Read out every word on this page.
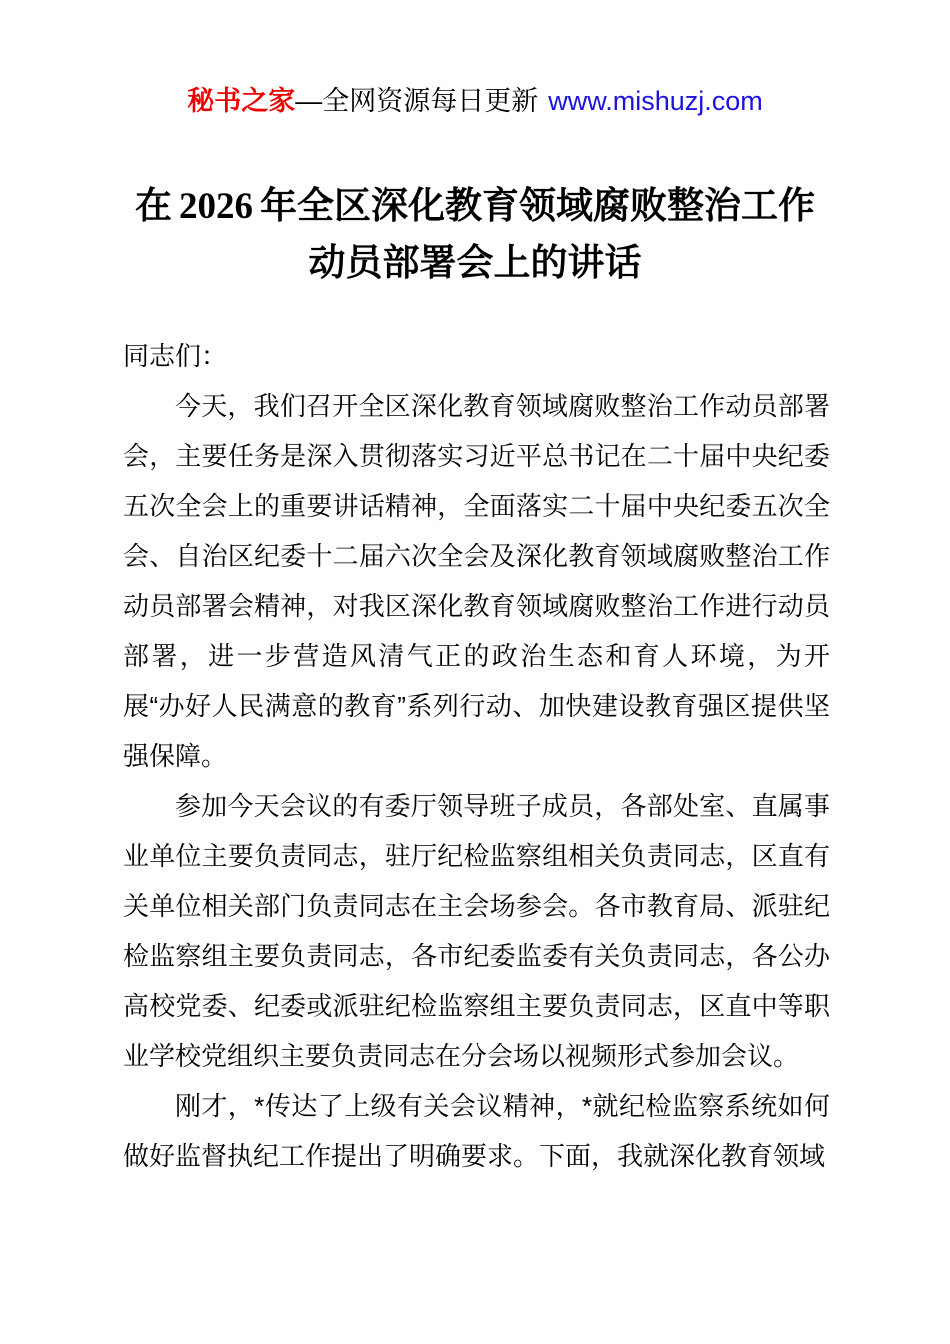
秘书之家—全网资源每日更新 www.mishuzj.com
在 2026 年全区深化教育领域腐败整治工作动员部署会上的讲话

同志们：

今天，我们召开全区深化教育领域腐败整治工作动员部署会，主要任务是深入贯彻落实习近平总书记在二十届中央纪委五次全会上的重要讲话精神，全面落实二十届中央纪委五次全会、自治区纪委十二届六次全会及深化教育领域腐败整治工作动员部署会精神，对我区深化教育领域腐败整治工作进行动员部署，进一步营造风清气正的政治生态和育人环境，为开展“办好人民满意的教育”系列行动、加快建设教育强区提供坚强保障。

参加今天会议的有委厅领导班子成员，各部处室、直属事业单位主要负责同志，驻厅纪检监察组相关负责同志，区直有关单位相关部门负责同志在主会场参会。各市教育局、派驻纪检监察组主要负责同志，各市纪委监委有关负责同志，各公办高校党委、纪委或派驻纪检监察组主要负责同志，区直中等职业学校党组织主要负责同志在分会场以视频形式参加会议。

刚才，*传达了上级有关会议精神，*就纪检监察系统如何做好监督执纪工作提出了明确要求。下面，我就深化教育领域
